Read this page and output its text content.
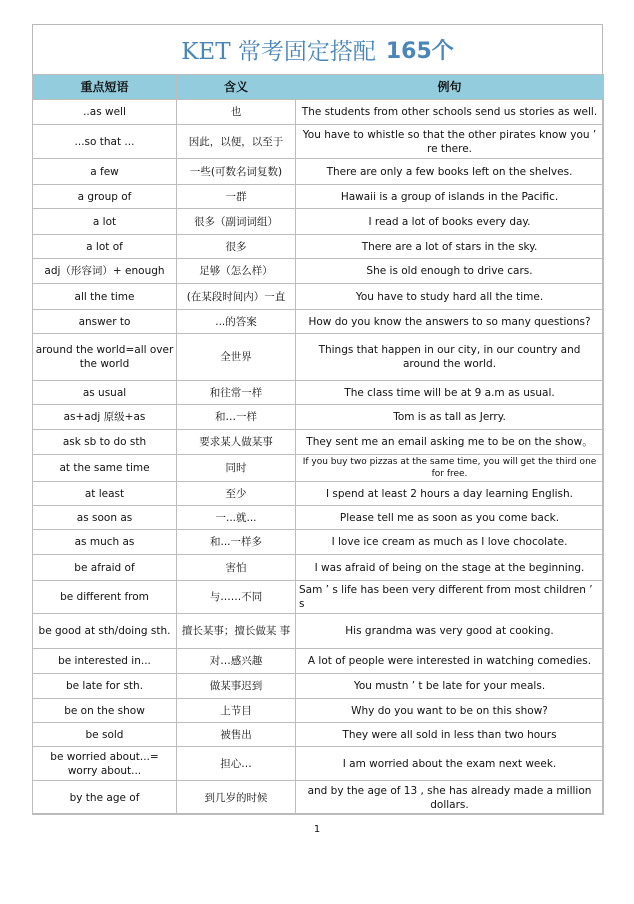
KET 常考固定搭配 165个
重点短语	含义	例句
..as well	也	The students from other schools send us stories as well.
...so that ...	因此，以便，以至于	You have to whistle so that the other pirates know you ’ re there.
a few	一些(可数名词复数)	There are only a few books left on the shelves.
a group of	一群	Hawaii is a group of islands in the Pacific.
a lot	很多（副词词组）	I read a lot of books every day.
a lot of	很多	There are a lot of stars in the sky.
adj（形容词）+ enough	足够（怎么样）	She is old enough to drive cars.
all the time	(在某段时间内）一直	You have to study hard all the time.
answer to	...的答案	How do you know the answers to so many questions?
around the world=all over the world	全世界	Things that happen in our city, in our country and around the world.
as usual	和往常一样	The class time will be at 9 a.m as usual.
as+adj 原级+as	和…一样	Tom is as tall as Jerry.
ask sb to do sth	要求某人做某事	They sent me an email asking me to be on the show。
at the same time	同时	If you buy two pizzas at the same time, you will get the third one for free.
at least	至少	I spend at least 2 hours a day learning English.
as soon as	一...就...	Please tell me as soon as you come back.
as much as	和...一样多	I love ice cream as much as I love chocolate.
be afraid of	害怕	I was afraid of being on the stage at the beginning.
be different from	与……不同	Sam ’ s life has been very different from most children ’ s
be good at sth/doing sth.	擅长某事；擅长做某 事	His grandma was very good at cooking.
be interested in...	对…感兴趣	A lot of people were interested in watching comedies.
be late for sth.	做某事迟到	You mustn ’ t be late for your meals.
be on the show	上节目	Why do you want to be on this show?
be sold	被售出	They were all sold in less than two hours
be worried about...= worry about...	担心…	I am worried about the exam next week.
by the age of	到几岁的时候	and by the age of 13 , she has already made a million dollars.
1
